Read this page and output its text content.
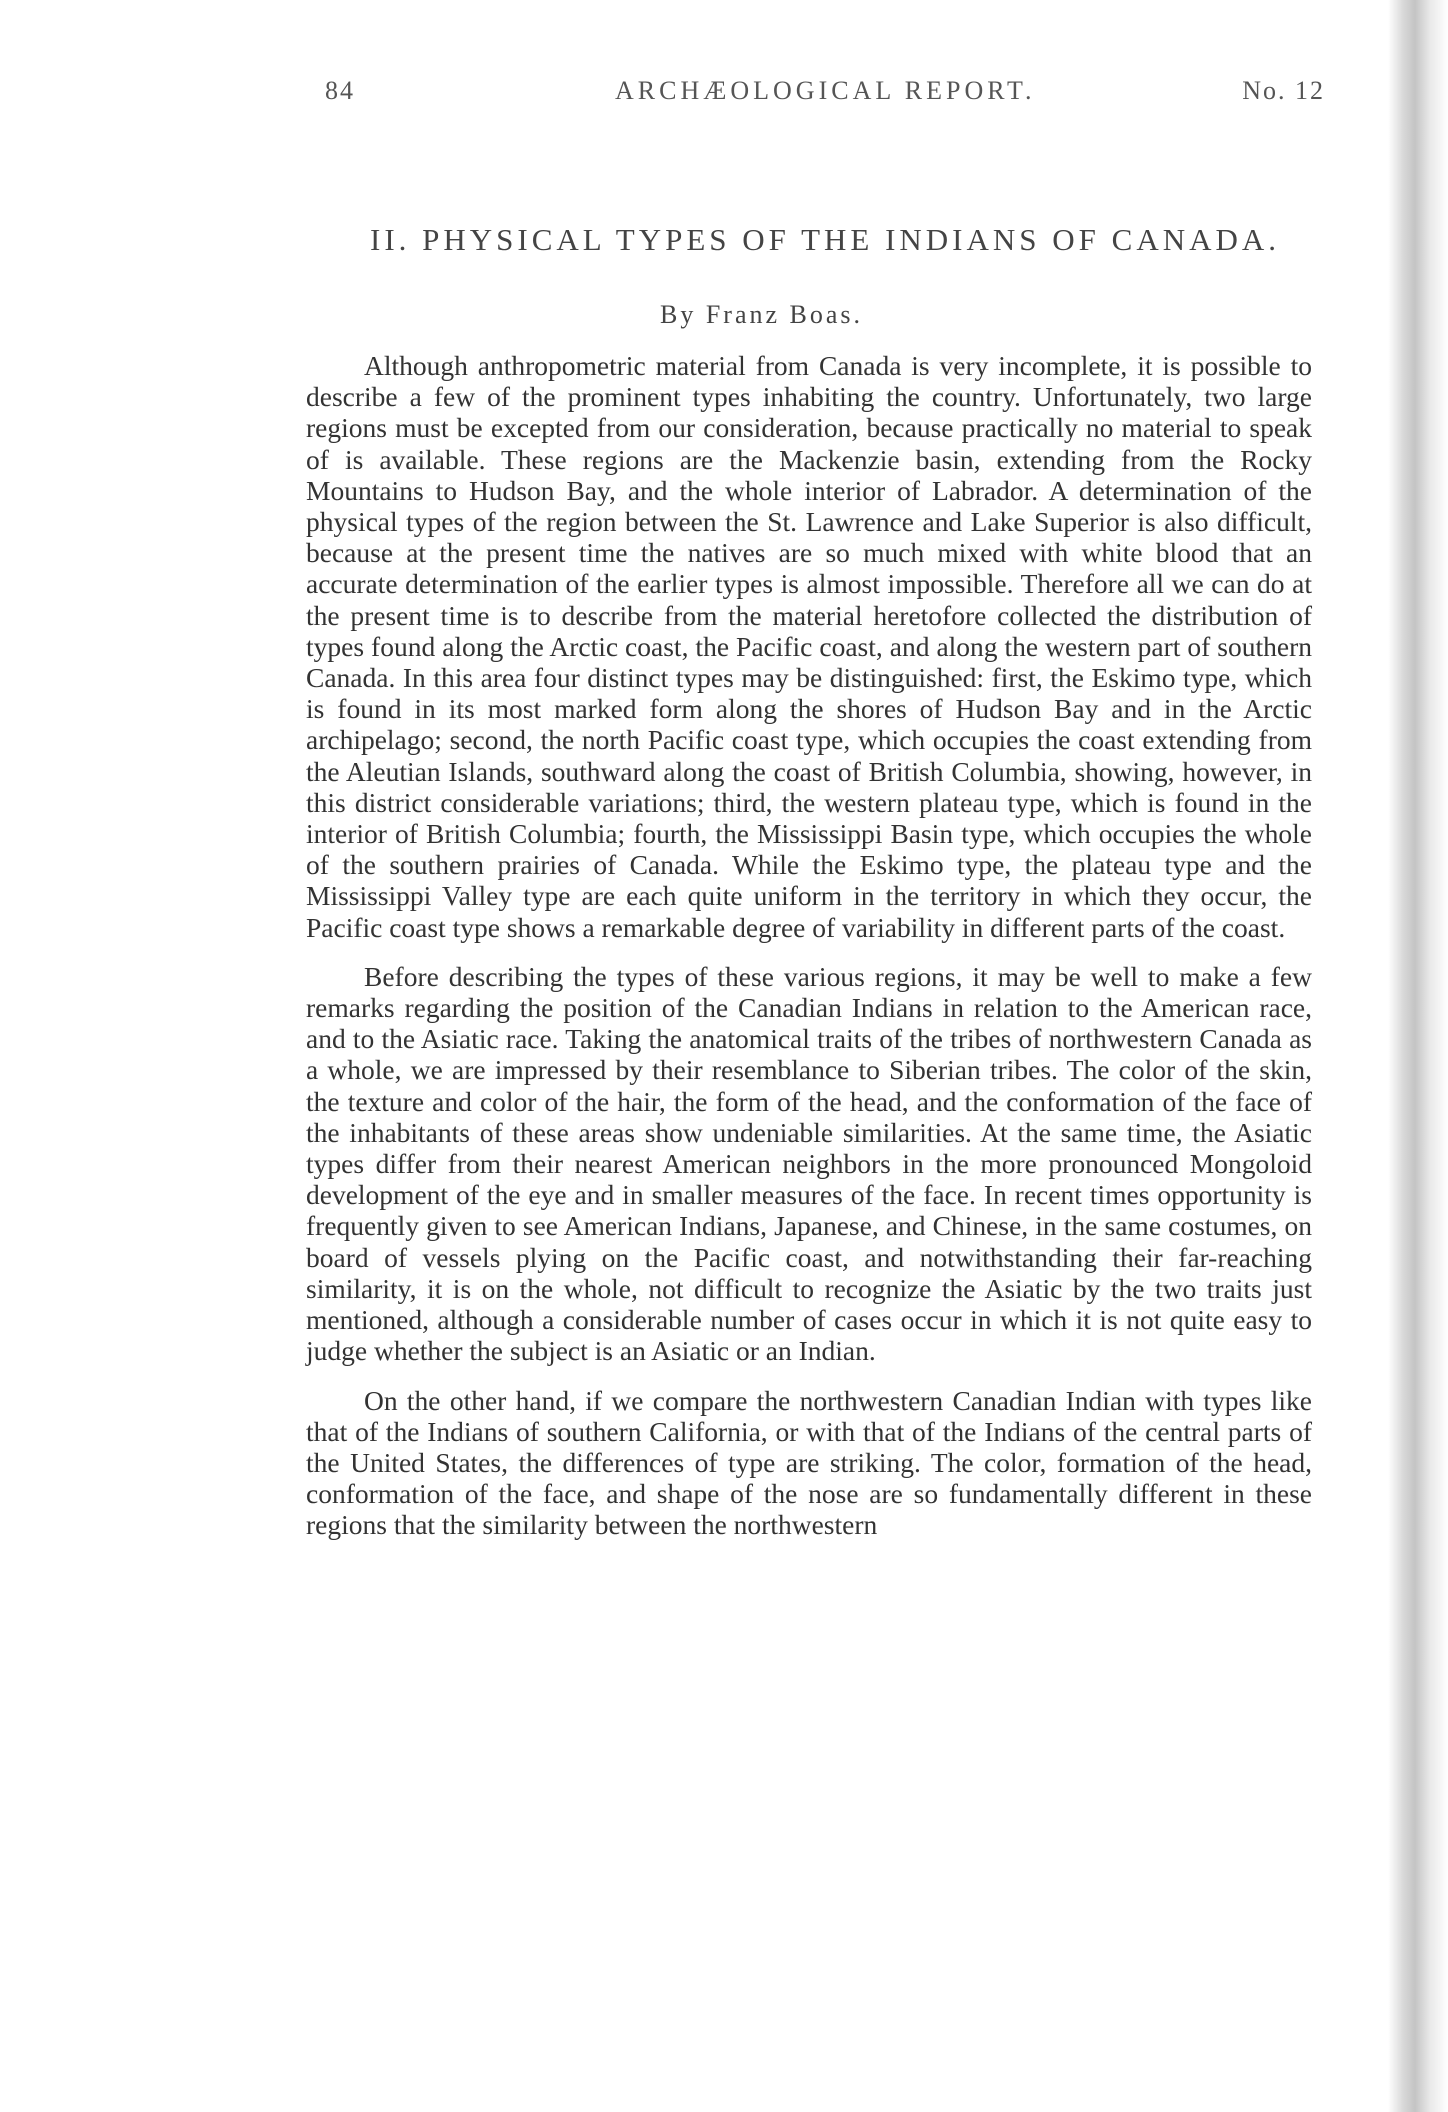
84	ARCHÆOLOGICAL REPORT.	No. 12
II. PHYSICAL TYPES OF THE INDIANS OF CANADA.
By Franz Boas.

Although anthropometric material from Canada is very incomplete, it is possible to describe a few of the prominent types inhabiting the country. Unfortunately, two large regions must be excepted from our consideration, because practically no material to speak of is available. These regions are the Mackenzie basin, extending from the Rocky Mountains to Hudson Bay, and the whole interior of Labrador. A determination of the physical types of the region between the St. Lawrence and Lake Superior is also difficult, because at the present time the natives are so much mixed with white blood that an accurate determination of the earlier types is almost impossible. Therefore all we can do at the present time is to describe from the material heretofore collected the distribution of types found along the Arctic coast, the Pacific coast, and along the western part of southern Canada. In this area four distinct types may be distinguished: first, the Eskimo type, which is found in its most marked form along the shores of Hudson Bay and in the Arctic archipelago; second, the north Pacific coast type, which occupies the coast extending from the Aleutian Islands, southward along the coast of British Columbia, showing, however, in this district considerable variations; third, the western plateau type, which is found in the interior of British Columbia; fourth, the Mississippi Basin type, which occupies the whole of the southern prairies of Canada. While the Eskimo type, the plateau type and the Mississippi Valley type are each quite uniform in the territory in which they occur, the Pacific coast type shows a remarkable degree of variability in different parts of the coast.

Before describing the types of these various regions, it may be well to make a few remarks regarding the position of the Canadian Indians in relation to the American race, and to the Asiatic race. Taking the anatomical traits of the tribes of northwestern Canada as a whole, we are impressed by their resemblance to Siberian tribes. The color of the skin, the texture and color of the hair, the form of the head, and the conformation of the face of the inhabitants of these areas show undeniable similarities. At the same time, the Asiatic types differ from their nearest American neighbors in the more pronounced Mongoloid development of the eye and in smaller measures of the face. In recent times opportunity is frequently given to see American Indians, Japanese, and Chinese, in the same costumes, on board of vessels plying on the Pacific coast, and notwithstanding their far-reaching similarity, it is on the whole, not difficult to recognize the Asiatic by the two traits just mentioned, although a considerable number of cases occur in which it is not quite easy to judge whether the subject is an Asiatic or an Indian.

On the other hand, if we compare the northwestern Canadian Indian with types like that of the Indians of southern California, or with that of the Indians of the central parts of the United States, the differences of type are striking. The color, formation of the head, conformation of the face, and shape of the nose are so fundamentally different in these regions that the similarity between the northwestern
